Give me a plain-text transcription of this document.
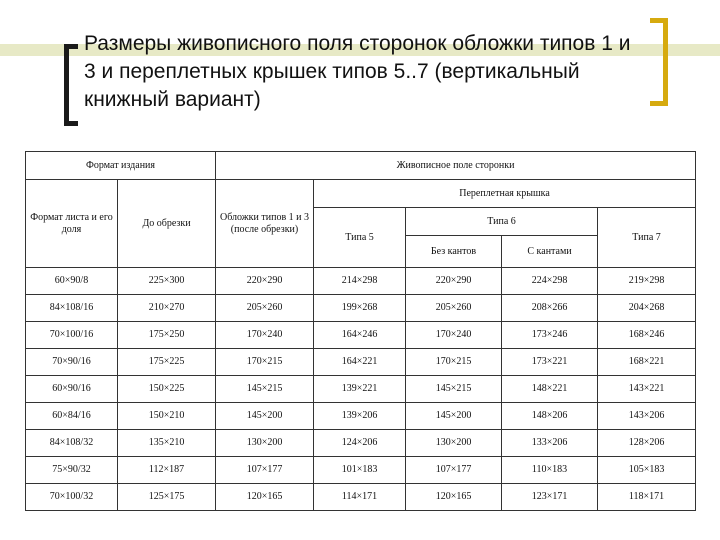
Размеры живописного поля сторонок обложки типов 1 и 3 и переплетных крышек типов 5..7 (вертикальный книжный вариант)
Формат издания		Живописное поле сторонки				
Формат листа и его доля	До обрезки	Обложки типов 1 и 3 (после обрезки)	Переплетная крышка			
			Типа 5	Типа 6		Типа 7
				Без кантов	С кантами	
60×90/8	225×300	220×290	214×298	220×290	224×298	219×298
84×108/16	210×270	205×260	199×268	205×260	208×266	204×268
70×100/16	175×250	170×240	164×246	170×240	173×246	168×246
70×90/16	175×225	170×215	164×221	170×215	173×221	168×221
60×90/16	150×225	145×215	139×221	145×215	148×221	143×221
60×84/16	150×210	145×200	139×206	145×200	148×206	143×206
84×108/32	135×210	130×200	124×206	130×200	133×206	128×206
75×90/32	112×187	107×177	101×183	107×177	110×183	105×183
70×100/32	125×175	120×165	114×171	120×165	123×171	118×171
